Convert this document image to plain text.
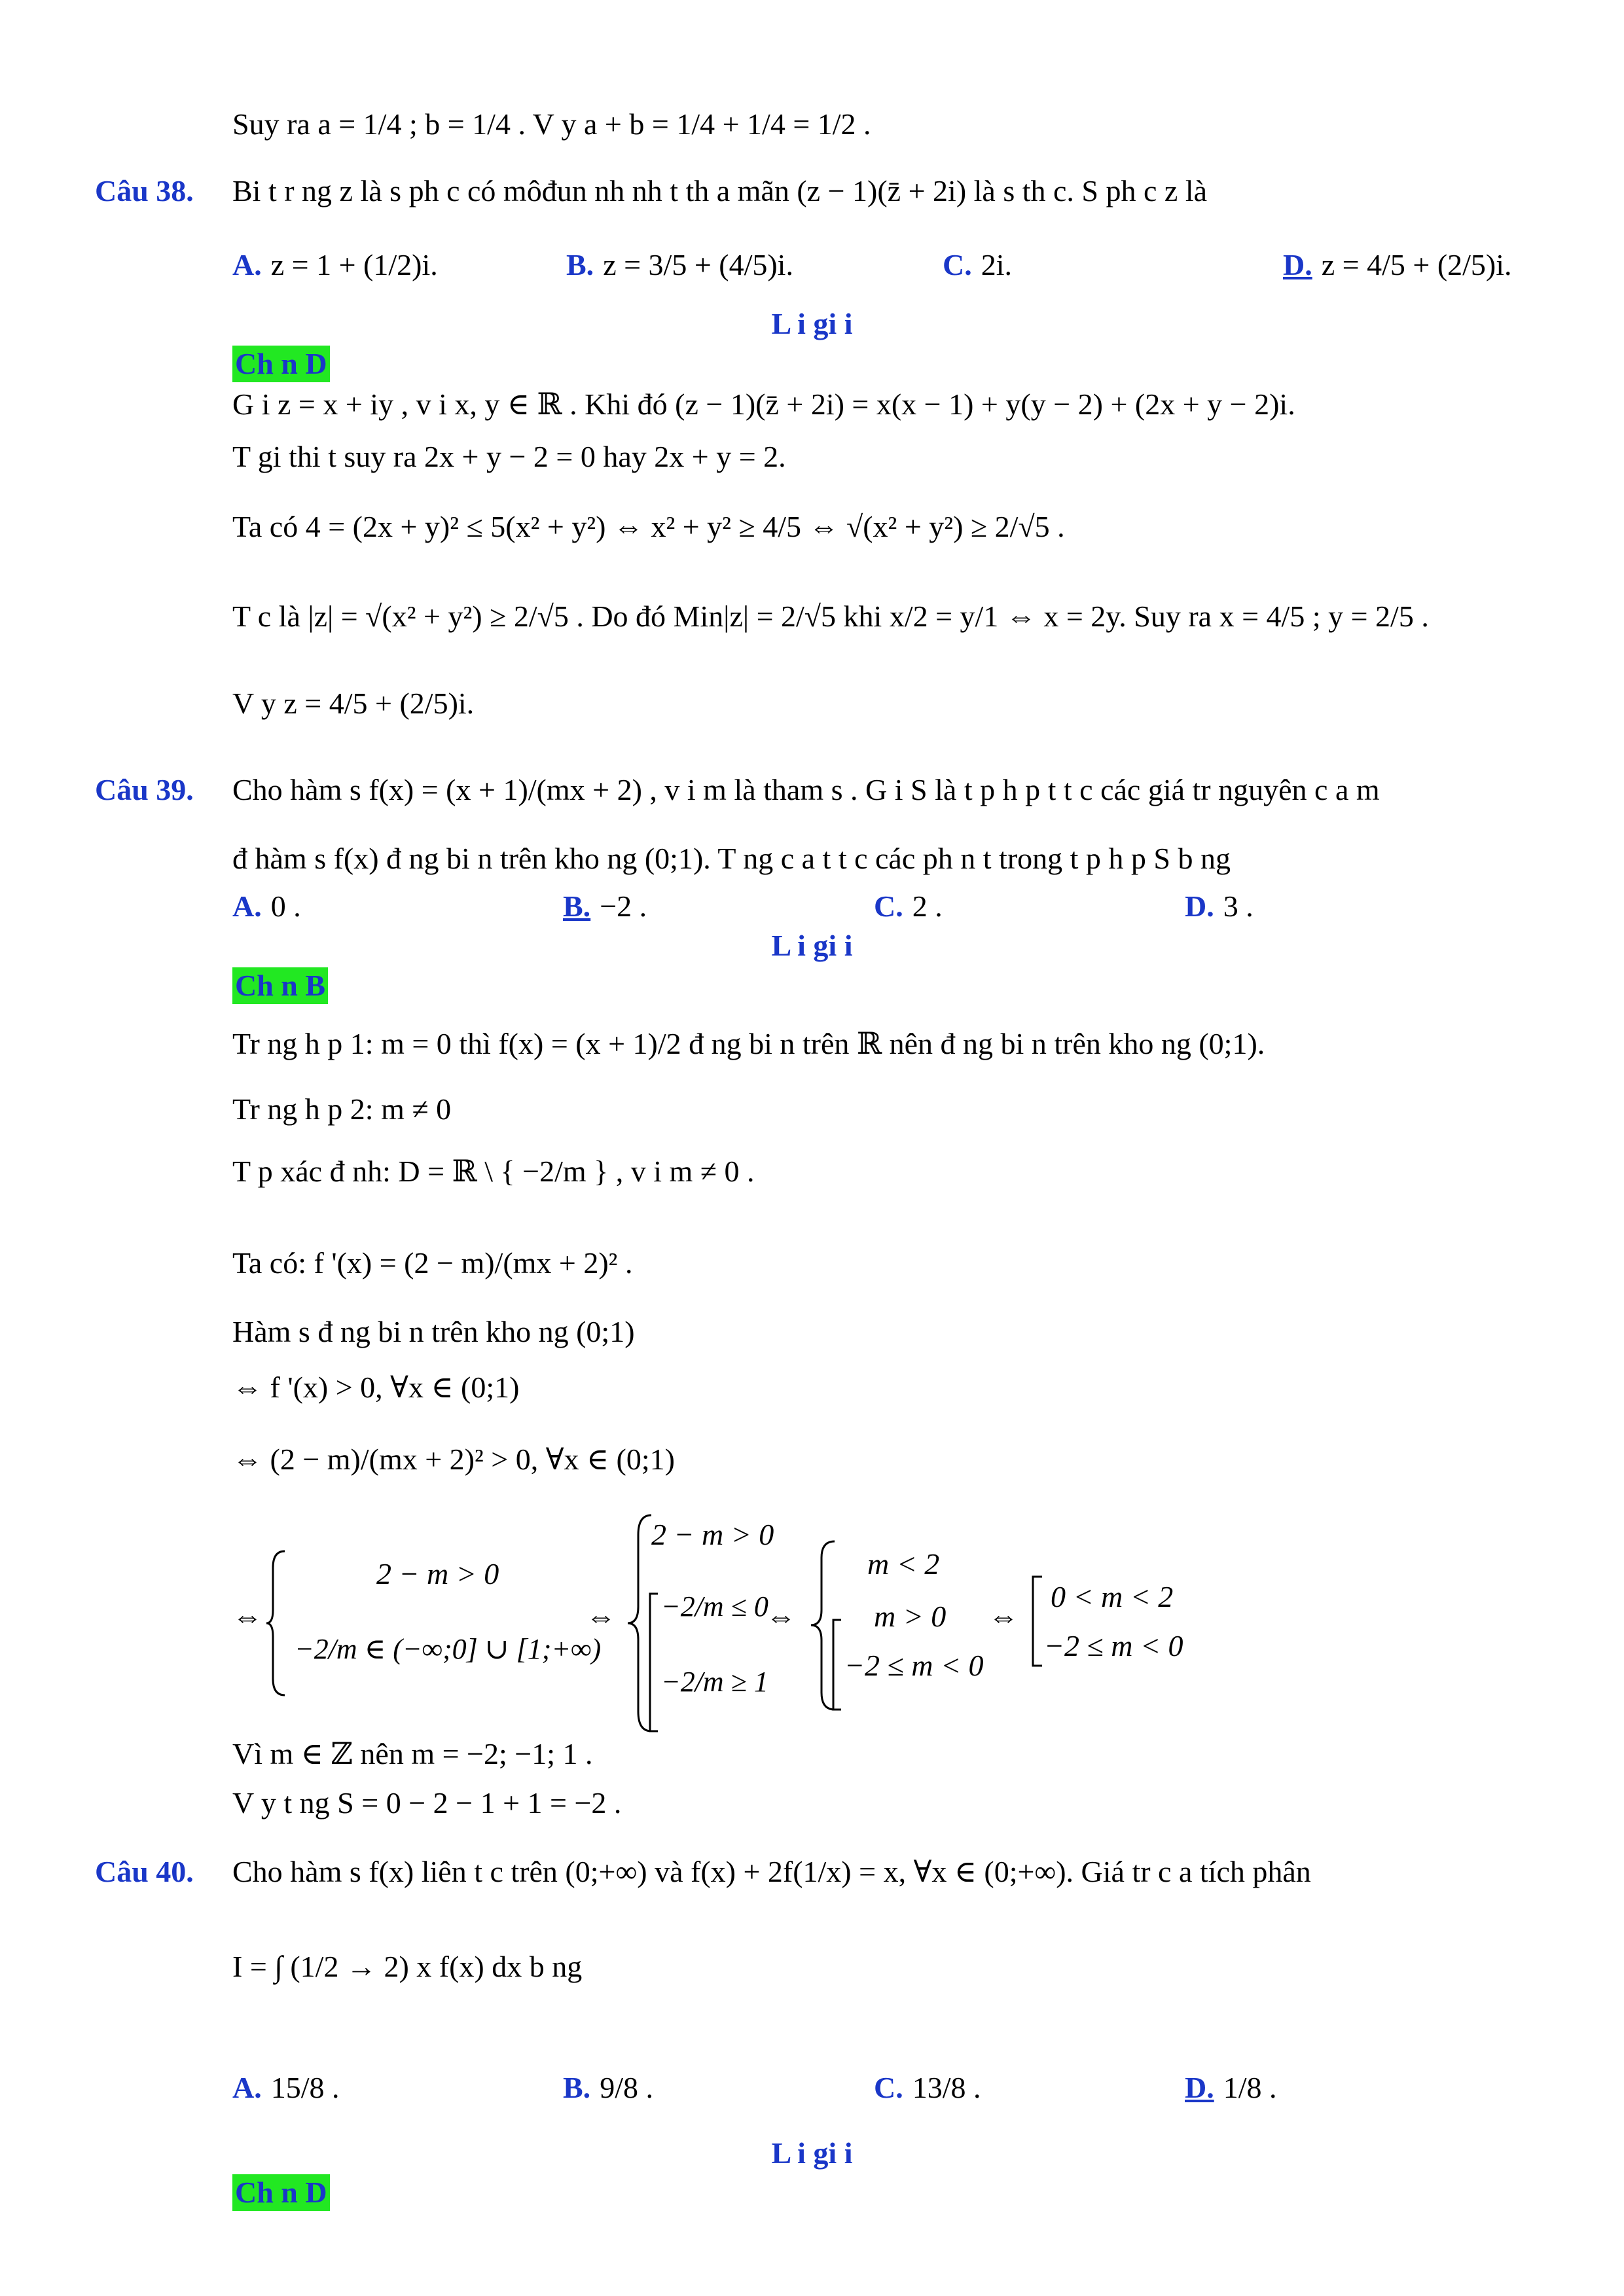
Suy ra a = 1/4 ; b = 1/4 . V y a + b = 1/4 + 1/4 = 1/2 .
Câu 38. Bi t r ng z là s ph c có môđun nh nh t th a mãn (z − 1)(z̄ + 2i) là s th c. S ph c z là
A. z = 1 + (1/2)i.	B. z = 3/5 + (4/5)i.	C. 2i.	D. z = 4/5 + (2/5)i.
L i gi i
Ch n D
G i z = x + iy , v i x, y ∈ ℝ . Khi đó (z − 1)(z̄ + 2i) = x(x − 1) + y(y − 2) + (2x + y − 2)i.
T gi thi t suy ra 2x + y − 2 = 0 hay 2x + y = 2.
Ta có 4 = (2x + y)² ≤ 5(x² + y²) ⇔ x² + y² ≥ 4/5 ⇔ √(x² + y²) ≥ 2/√5 .
T c là |z| = √(x² + y²) ≥ 2/√5 . Do đó Min|z| = 2/√5 khi x/2 = y/1 ⇔ x = 2y. Suy ra x = 4/5 ; y = 2/5 .
V y z = 4/5 + (2/5)i.
Câu 39. Cho hàm s f(x) = (x + 1)/(mx + 2) , v i m là tham s . G i S là t p h p t t c các giá tr nguyên c a m
đ hàm s f(x) đ ng bi n trên kho ng (0;1). T ng c a t t c các ph n t trong t p h p S b ng
A. 0 .	B. −2 .	C. 2 .	D. 3 .
L i gi i
Ch n B
Tr ng h p 1: m = 0 thì f(x) = (x + 1)/2 đ ng bi n trên ℝ nên đ ng bi n trên kho ng (0;1).
Tr ng h p 2: m ≠ 0
T p xác đ nh: D = ℝ \ { −2/m } , v i m ≠ 0 .
Ta có: f '(x) = (2 − m)/(mx + 2)² .
Hàm s đ ng bi n trên kho ng (0;1)
⇔ f '(x) > 0, ∀x ∈ (0;1)
⇔ (2 − m)/(mx + 2)² > 0, ∀x ∈ (0;1)
⇔
2 − m > 0
−2/m ∈ (−∞;0] ∪ [1;+∞)
⇔
2 − m > 0
−2/m ≤ 0
−2/m ≥ 1
⇔
m < 2
m > 0
−2 ≤ m < 0
⇔
0 < m < 2
−2 ≤ m < 0
Vì m ∈ ℤ nên m = −2; −1; 1 .
V y t ng S = 0 − 2 − 1 + 1 = −2 .
Câu 40. Cho hàm s f(x) liên t c trên (0;+∞) và f(x) + 2f(1/x) = x, ∀x ∈ (0;+∞). Giá tr c a tích phân
I = ∫ (1/2 → 2) x f(x) dx b ng
A. 15/8 .	B. 9/8 .	C. 13/8 .	D. 1/8 .
L i gi i
Ch n D
